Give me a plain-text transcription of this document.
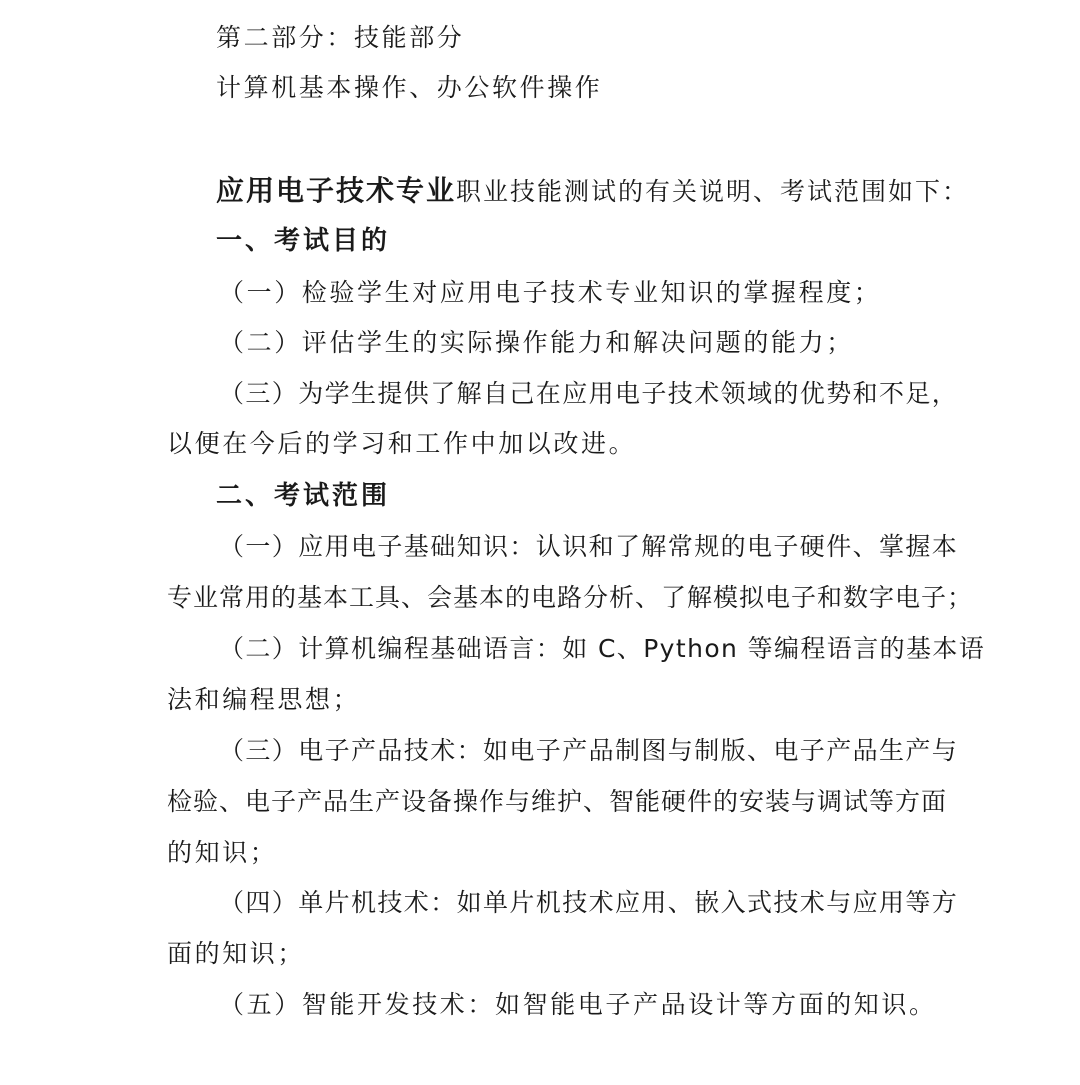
第二部分：技能部分
计算机基本操作、办公软件操作
应用电子技术专业职业技能测试的有关说明、考试范围如下：
一、考试目的
（一）检验学生对应用电子技术专业知识的掌握程度；
（二）评估学生的实际操作能力和解决问题的能力；
（三）为学生提供了解自己在应用电子技术领域的优势和不足，
以便在今后的学习和工作中加以改进。
二、考试范围
（一）应用电子基础知识：认识和了解常规的电子硬件、掌握本
专业常用的基本工具、会基本的电路分析、了解模拟电子和数字电子；
（二）计算机编程基础语言：如 C、Python 等编程语言的基本语
法和编程思想；
（三）电子产品技术：如电子产品制图与制版、电子产品生产与
检验、电子产品生产设备操作与维护、智能硬件的安装与调试等方面
的知识；
（四）单片机技术：如单片机技术应用、嵌入式技术与应用等方
面的知识；
（五）智能开发技术：如智能电子产品设计等方面的知识。
